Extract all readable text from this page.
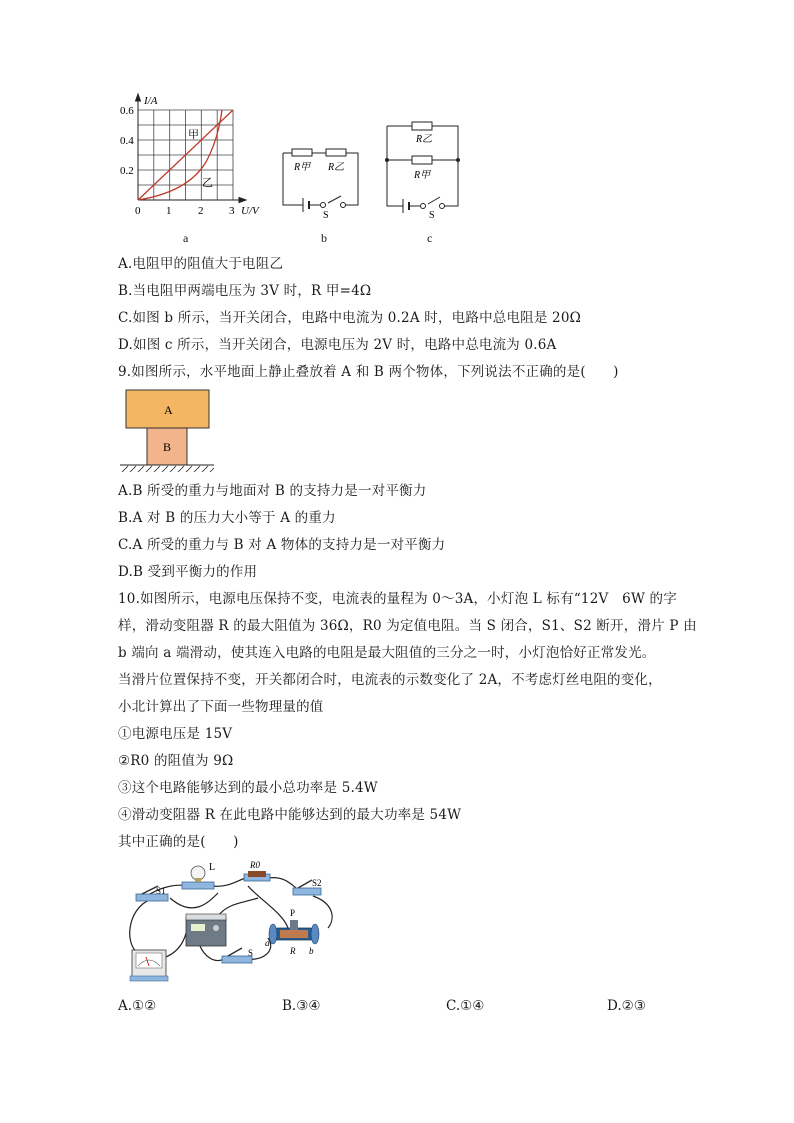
I/A
0.6
0.4
0.2
0 1 2 3 U/V
甲
乙
R甲 R乙
S
R乙
R甲
S
a	b	c
A.电阻甲的阻值大于电阻乙
B.当电阻甲两端电压为 3V 时，R 甲=4Ω
C.如图 b 所示，当开关闭合，电路中电流为 0.2A 时，电路中总电阻是 20Ω
D.如图 c 所示，当开关闭合，电源电压为 2V 时，电路中总电流为 0.6A
9.如图所示，水平地面上静止叠放着 A 和 B 两个物体，下列说法不正确的是(　　)
A
B
A.B 所受的重力与地面对 B 的支持力是一对平衡力
B.A 对 B 的压力大小等于 A 的重力
C.A 所受的重力与 B 对 A 物体的支持力是一对平衡力
D.B 受到平衡力的作用
10.如图所示，电源电压保持不变，电流表的量程为 0～3A，小灯泡 L 标有“12V　6W 的字
样，滑动变阻器 R 的最大阻值为 36Ω，R0 为定值电阻。当 S 闭合，S1、S2 断开，滑片 P 由
b 端向 a 端滑动，使其连入电路的电阻是最大阻值的三分之一时，小灯泡恰好正常发光。
当滑片位置保持不变，开关都闭合时，电流表的示数变化了 2A，不考虑灯丝电阻的变化，
小北计算出了下面一些物理量的值
①电源电压是 15V
②R0 的阻值为 9Ω
③这个电路能够达到的最小总功率是 5.4W
④滑动变阻器 R 在此电路中能够达到的最大功率是 54W
其中正确的是(　　)
S1
L	R0
S2
P
a
R b
S
A.①②	B.③④	C.①④	D.②③
